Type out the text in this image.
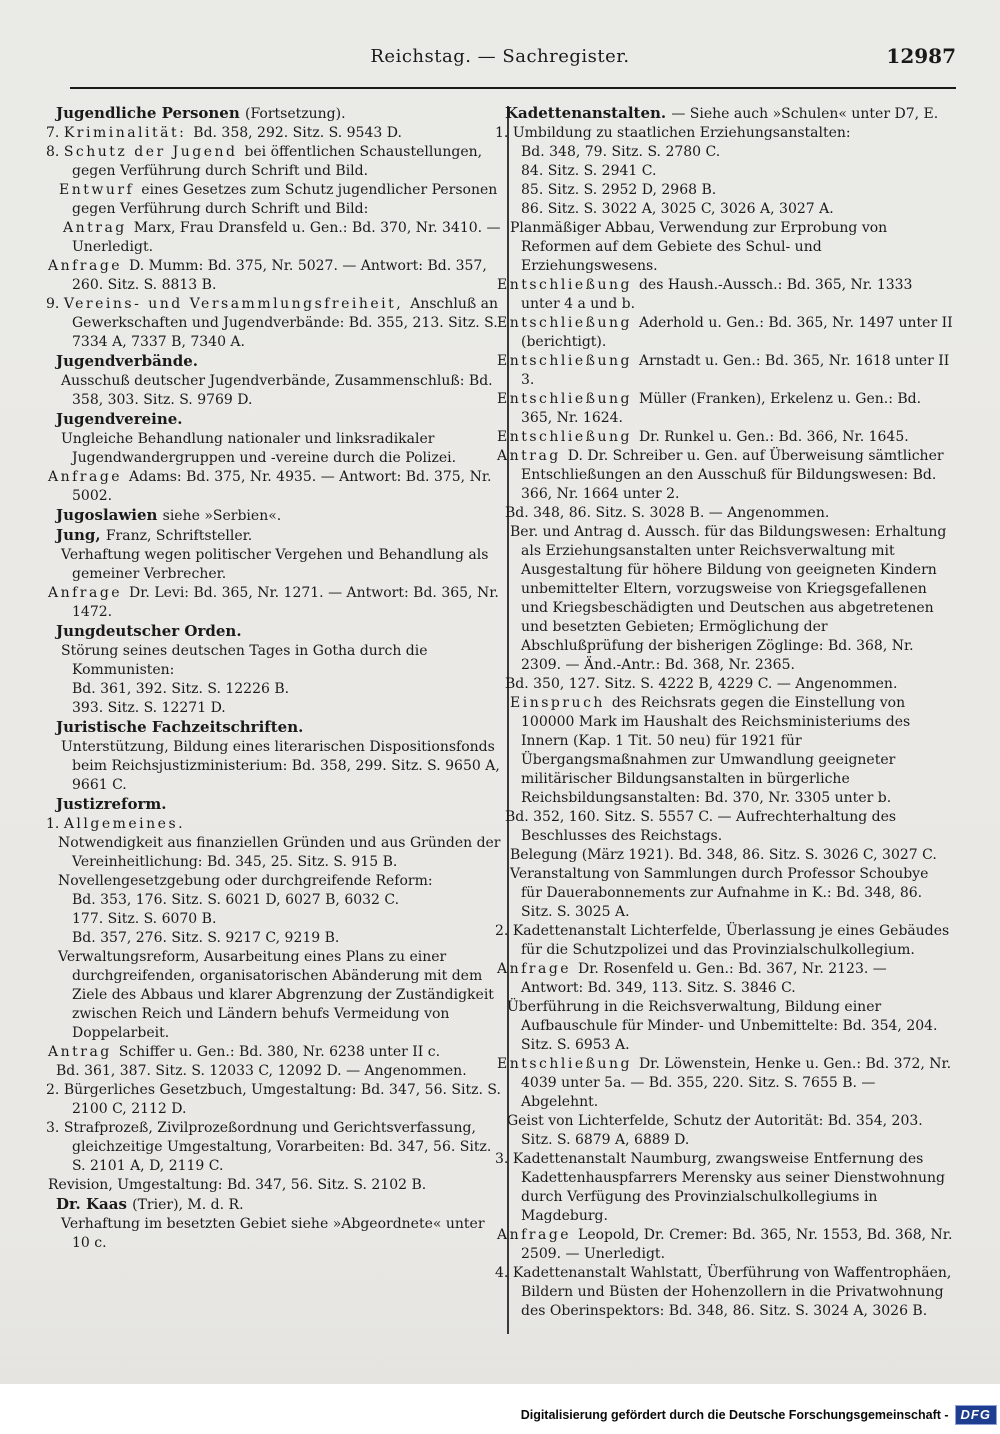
Reichstag. — Sachregister.	12987

Jugendliche Personen (Fortsetzung).

7. Kriminalität: Bd. 358, 292. Sitz. S. 9543 D.

8. Schutz der Jugend bei öffentlichen Schaustellungen, gegen Verführung durch Schrift und Bild.

Entwurf eines Gesetzes zum Schutz jugendlicher Personen gegen Verführung durch Schrift und Bild:

Antrag Marx, Frau Dransfeld u. Gen.: Bd. 370, Nr. 3410. — Unerledigt.

Anfrage D. Mumm: Bd. 375, Nr. 5027. — Antwort: Bd. 357, 260. Sitz. S. 8813 B.

9. Vereins- und Versammlungsfreiheit, Anschluß an Gewerkschaften und Jugendverbände: Bd. 355, 213. Sitz. S. 7334 A, 7337 B, 7340 A.

Jugendverbände.

Ausschuß deutscher Jugendverbände, Zusammenschluß: Bd. 358, 303. Sitz. S. 9769 D.

Jugendvereine.

Ungleiche Behandlung nationaler und linksradikaler Jugendwandergruppen und -vereine durch die Polizei.

Anfrage Adams: Bd. 375, Nr. 4935. — Antwort: Bd. 375, Nr. 5002.

Jugoslawien siehe »Serbien«.

Jung, Franz, Schriftsteller.

Verhaftung wegen politischer Vergehen und Behandlung als gemeiner Verbrecher.

Anfrage Dr. Levi: Bd. 365, Nr. 1271. — Antwort: Bd. 365, Nr. 1472.

Jungdeutscher Orden.

Störung seines deutschen Tages in Gotha durch die Kommunisten:

Bd. 361, 392. Sitz. S. 12226 B.

393. Sitz. S. 12271 D.

Juristische Fachzeitschriften.

Unterstützung, Bildung eines literarischen Dispositionsfonds beim Reichsjustizministerium: Bd. 358, 299. Sitz. S. 9650 A, 9661 C.

Justizreform.

1. Allgemeines.

Notwendigkeit aus finanziellen Gründen und aus Gründen der Vereinheitlichung: Bd. 345, 25. Sitz. S. 915 B.

Novellengesetzgebung oder durchgreifende Reform:

Bd. 353, 176. Sitz. S. 6021 D, 6027 B, 6032 C.

177. Sitz. S. 6070 B.

Bd. 357, 276. Sitz. S. 9217 C, 9219 B.

Verwaltungsreform, Ausarbeitung eines Plans zu einer durchgreifenden, organisatorischen Abänderung mit dem Ziele des Abbaus und klarer Abgrenzung der Zuständigkeit zwischen Reich und Ländern behufs Vermeidung von Doppelarbeit.

Antrag Schiffer u. Gen.: Bd. 380, Nr. 6238 unter II c.

Bd. 361, 387. Sitz. S. 12033 C, 12092 D. — Angenommen.

2. Bürgerliches Gesetzbuch, Umgestaltung: Bd. 347, 56. Sitz. S. 2100 C, 2112 D.

3. Strafprozeß, Zivilprozeßordnung und Gerichtsverfassung, gleichzeitige Umgestaltung, Vorarbeiten: Bd. 347, 56. Sitz. S. 2101 A, D, 2119 C.

Revision, Umgestaltung: Bd. 347, 56. Sitz. S. 2102 B.

Dr. Kaas (Trier), M. d. R.

Verhaftung im besetzten Gebiet siehe »Abgeordnete« unter 10 c.

Kadettenanstalten. — Siehe auch »Schulen« unter D7, E.

1. Umbildung zu staatlichen Erziehungsanstalten:

Bd. 348, 79. Sitz. S. 2780 C.

84. Sitz. S. 2941 C.

85. Sitz. S. 2952 D, 2968 B.

86. Sitz. S. 3022 A, 3025 C, 3026 A, 3027 A.

Planmäßiger Abbau, Verwendung zur Erprobung von Reformen auf dem Gebiete des Schul- und Erziehungswesens.

Entschließung des Haush.-Aussch.: Bd. 365, Nr. 1333 unter 4 a und b.

Entschließung Aderhold u. Gen.: Bd. 365, Nr. 1497 unter II (berichtigt).

Entschließung Arnstadt u. Gen.: Bd. 365, Nr. 1618 unter II 3.

Entschließung Müller (Franken), Erkelenz u. Gen.: Bd. 365, Nr. 1624.

Entschließung Dr. Runkel u. Gen.: Bd. 366, Nr. 1645.

Antrag D. Dr. Schreiber u. Gen. auf Überweisung sämtlicher Entschließungen an den Ausschuß für Bildungswesen: Bd. 366, Nr. 1664 unter 2.

Bd. 348, 86. Sitz. S. 3028 B. — Angenommen.

Ber. und Antrag d. Aussch. für das Bildungswesen: Erhaltung als Erziehungsanstalten unter Reichsverwaltung mit Ausgestaltung für höhere Bildung von geeigneten Kindern unbemittelter Eltern, vorzugsweise von Kriegsgefallenen und Kriegsbeschädigten und Deutschen aus abgetretenen und besetzten Gebieten; Ermöglichung der Abschlußprüfung der bisherigen Zöglinge: Bd. 368, Nr. 2309. — Änd.-Antr.: Bd. 368, Nr. 2365.

Bd. 350, 127. Sitz. S. 4222 B, 4229 C. — Angenommen.

Einspruch des Reichsrats gegen die Einstellung von 100000 Mark im Haushalt des Reichsministeriums des Innern (Kap. 1 Tit. 50 neu) für 1921 für Übergangsmaßnahmen zur Umwandlung geeigneter militärischer Bildungsanstalten in bürgerliche Reichsbildungsanstalten: Bd. 370, Nr. 3305 unter b.

Bd. 352, 160. Sitz. S. 5557 C. — Aufrechterhaltung des Beschlusses des Reichstags.

Belegung (März 1921). Bd. 348, 86. Sitz. S. 3026 C, 3027 C.

Veranstaltung von Sammlungen durch Professor Schoubye für Dauerabonnements zur Aufnahme in K.: Bd. 348, 86. Sitz. S. 3025 A.

2. Kadettenanstalt Lichterfelde, Überlassung je eines Gebäudes für die Schutzpolizei und das Provinzialschulkollegium.

Anfrage Dr. Rosenfeld u. Gen.: Bd. 367, Nr. 2123. — Antwort: Bd. 349, 113. Sitz. S. 3846 C.

Überführung in die Reichsverwaltung, Bildung einer Aufbauschule für Minder- und Unbemittelte: Bd. 354, 204. Sitz. S. 6953 A.

Entschließung Dr. Löwenstein, Henke u. Gen.: Bd. 372, Nr. 4039 unter 5a. — Bd. 355, 220. Sitz. S. 7655 B. — Abgelehnt.

Geist von Lichterfelde, Schutz der Autorität: Bd. 354, 203. Sitz. S. 6879 A, 6889 D.

3. Kadettenanstalt Naumburg, zwangsweise Entfernung des Kadettenhauspfarrers Merensky aus seiner Dienstwohnung durch Verfügung des Provinzialschulkollegiums in Magdeburg.

Anfrage Leopold, Dr. Cremer: Bd. 365, Nr. 1553, Bd. 368, Nr. 2509. — Unerledigt.

4. Kadettenanstalt Wahlstatt, Überführung von Waffentrophäen, Bildern und Büsten der Hohenzollern in die Privatwohnung des Oberinspektors: Bd. 348, 86. Sitz. S. 3024 A, 3026 B.

Digitalisierung gefördert durch die Deutsche Forschungsgemeinschaft - DFG
